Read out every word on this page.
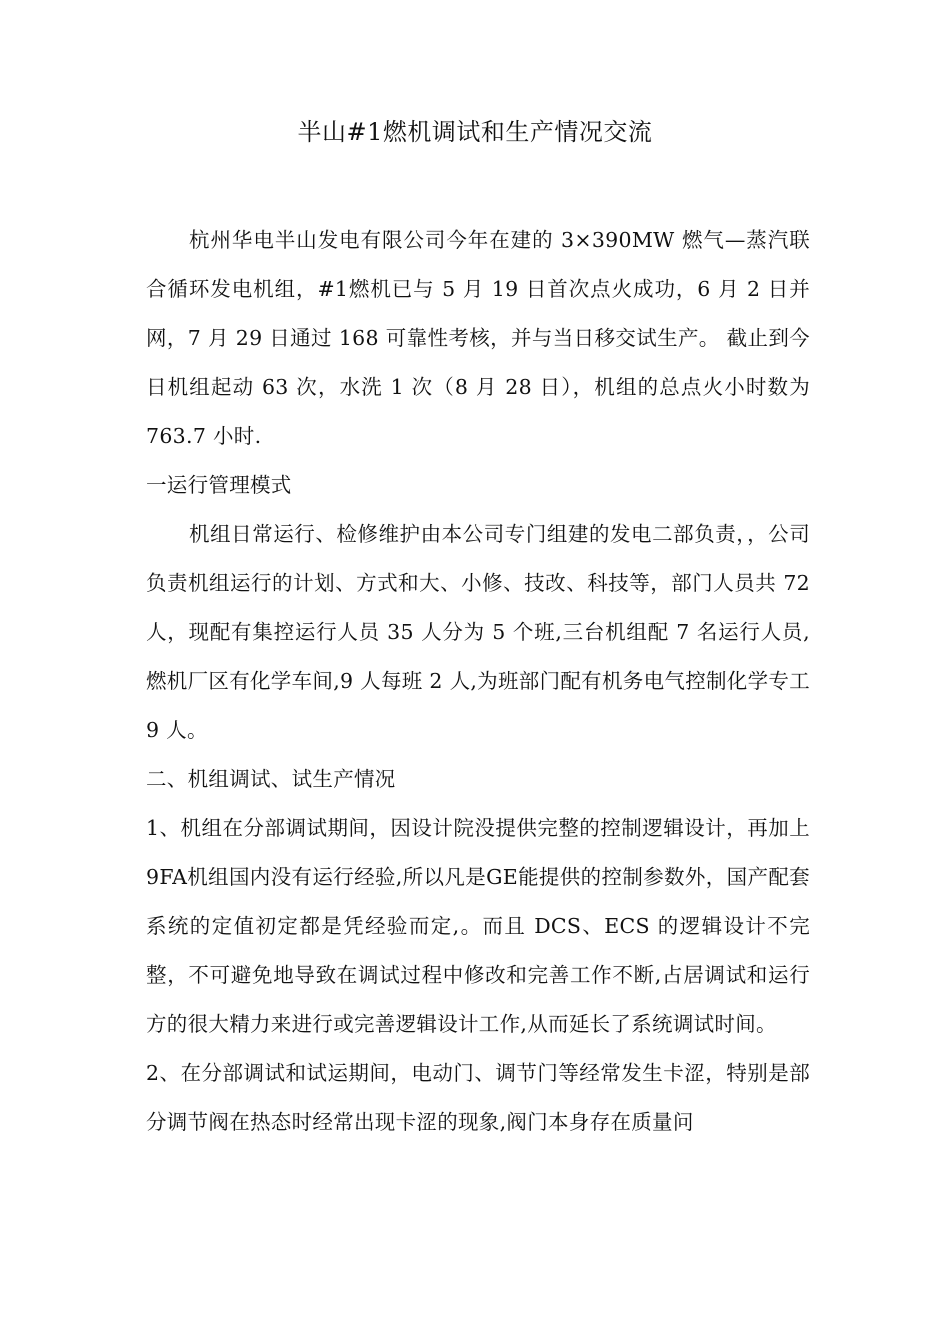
半山#1燃机调试和生产情况交流

杭州华电半山发电有限公司今年在建的 3×390MW 燃气—蒸汽联合循环发电机组，#1燃机已与 5 月 19 日首次点火成功，6 月 2 日并网，7 月 29 日通过 168 可靠性考核，并与当日移交试生产。 截止到今日机组起动 63 次，水洗 1 次（8 月 28 日），机组的总点火小时数为 763.7 小时.

一运行管理模式

机组日常运行、检修维护由本公司专门组建的发电二部负责，，公司负责机组运行的计划、方式和大、小修、技改、科技等，部门人员共 72 人，现配有集控运行人员 35 人分为 5 个班,三台机组配 7 名运行人员,燃机厂区有化学车间,9 人每班 2 人,为班部门配有机务电气控制化学专工 9 人。

二、机组调试、试生产情况

1、机组在分部调试期间，因设计院没提供完整的控制逻辑设计，再加上9FA机组国内没有运行经验,所以凡是GE能提供的控制参数外，国产配套系统的定值初定都是凭经验而定,。而且 DCS、ECS 的逻辑设计不完整，不可避免地导致在调试过程中修改和完善工作不断,占居调试和运行方的很大精力来进行或完善逻辑设计工作,从而延长了系统调试时间。

2、在分部调试和试运期间，电动门、调节门等经常发生卡涩，特别是部分调节阀在热态时经常出现卡涩的现象,阀门本身存在质量问
